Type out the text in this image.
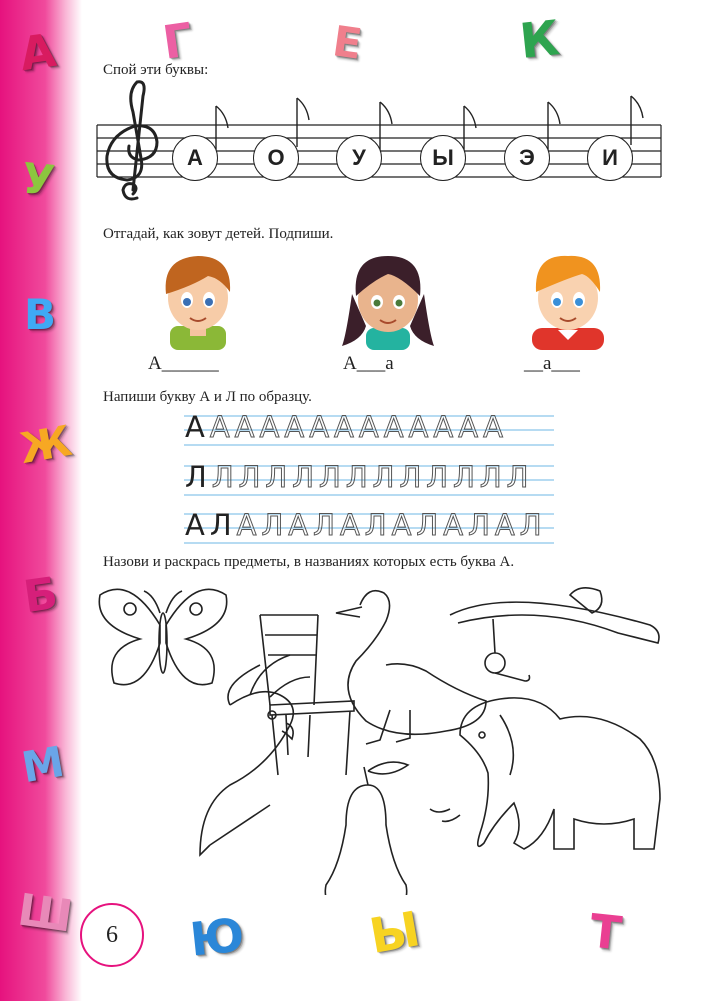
А
У
В
Ж
Б
М
Ш
Г	Е	К
Ю Ы	Т
Спой эти буквы:
А	О	У	Ы	Э	И
Отгадай, как зовут детей. Подпиши.
А______	А___а	__а___
Напиши букву А и Л по образцу.
ААААААААААААА
ЛЛЛЛЛЛЛЛЛЛЛЛЛ
АЛАЛАЛАЛАЛАЛАЛ
Назови и раскрась предметы, в названиях которых есть буква А.
6
